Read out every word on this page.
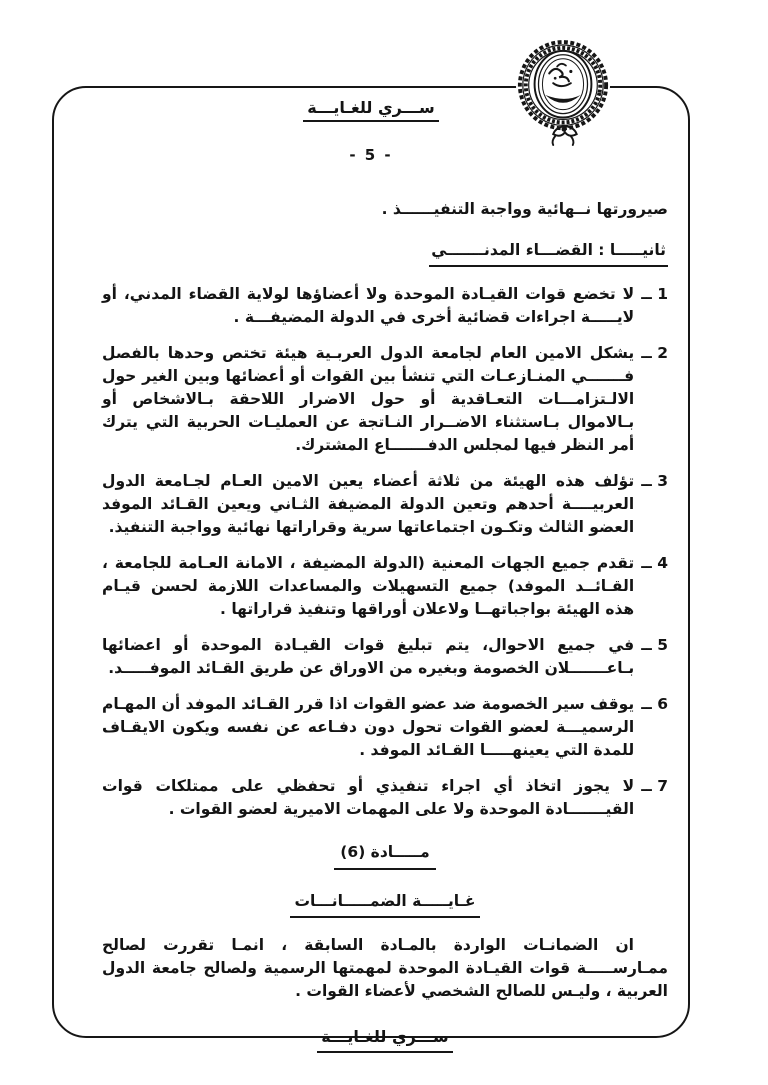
ســـري للغـايـــة
- 5 -

صيرورتها نــهائية وواجبة التنفيــــــذ .

ثانيـــــا : القضـــاء المدنـــــــي
1 ــ
لا تخضع قوات القيـادة الموحدة ولا أعضاؤها لولاية القضاء المدني، أو لايـــــة اجراءات قضائية أخرى في الدولة المضيفـــة .
2 ــ
يشكل الامين العام لجامعة الدول العربـية هيئة تختص وحدها بالفصل فـــــــي المنـازعـات التي تنشأ بين القوات أو أعضائها وبين الغير حول الالـتزامـــات التعـاقدية أو حول الاضرار اللاحقة بـالاشخاص أو بـالاموال بـاستثناء الاضــرار النـاتجة عن العمليـات الحربية التي يترك أمر النظر فيها لمجلس الدفـــــــاع المشترك.
3 ــ
تؤلف هذه الهيئة من ثلاثة أعضاء يعين الامين العـام لجـامعة الدول العربيــــة أحدهم وتعين الدولة المضيفة الثـاني ويعين القـائد الموفد العضو الثالث وتكـون اجتماعاتها سرية وقراراتها نهائية وواجبة التنفيذ.
4 ــ
تقدم جميع الجهات المعنية (الدولة المضيفة ، الامانة العـامة للجامعة ، القـائــد الموفد) جميع التسهيلات والمساعدات اللازمة لحسن قيـام هذه الهيئة بواجباتهــا ولاعلان أوراقها وتنفيذ قراراتها .
5 ــ
في جميع الاحوال، يتم تبليغ قوات القيـادة الموحدة أو اعضائها بـاعـــــــلان الخصومة وبغيره من الاوراق عن طريق القـائد الموفـــــد.
6 ــ
يوقف سير الخصومة ضد عضو القوات اذا قرر القـائد الموفد أن المهـام الرسميـــة لعضو القوات تحول دون دفـاعه عن نفسه ويكون الايقـاف للمدة التي يعينهـــــا القـائد الموفد .
7 ــ
لا يجوز اتخاذ أي اجراء تنفيذي أو تحفظي على ممتلكات قوات القيـــــــادة الموحدة ولا على المهمات الاميرية لعضو القوات .
مـــــادة (6)
غـايـــــة الضمـــــانـــات

ان الضمانـات الواردة بالمـادة السابقة ، انمـا تقررت لصالح ممـارســـــة قوات القيـادة الموحدة لمهمتها الرسمية ولصالح جامعة الدول العربية ، وليـس للصالح الشخصي لأعضاء القوات .

ســـري للغـايـــة
